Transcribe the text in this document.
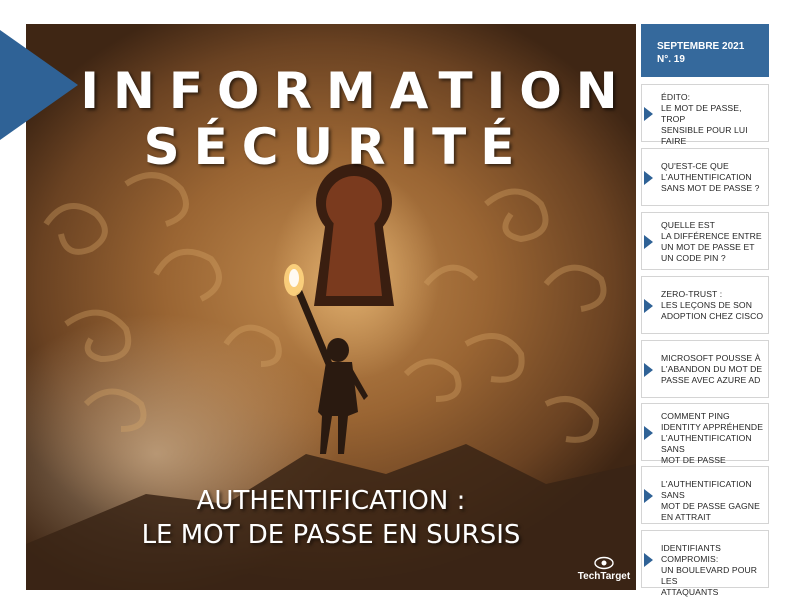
INFORMATION
SÉCURITÉ
AUTHENTIFICATION :
LE MOT DE PASSE EN SURSIS
TechTarget
SEPTEMBRE 2021
N°. 19
ÉDITO:
LE MOT DE PASSE, TROP
SENSIBLE POUR LUI FAIRE
QU'EST-CE QUE
L'AUTHENTIFICATION
SANS MOT DE PASSE ?
QUELLE EST
LA DIFFÉRENCE ENTRE
UN MOT DE PASSE ET
UN CODE PIN ?
ZERO-TRUST :
LES LEÇONS DE SON
ADOPTION CHEZ CISCO
MICROSOFT POUSSE À
L'ABANDON DU MOT DE
PASSE AVEC AZURE AD
COMMENT PING
IDENTITY APPRÉHENDE
L'AUTHENTIFICATION SANS
MOT DE PASSE
L'AUTHENTIFICATION SANS
MOT DE PASSE GAGNE
EN ATTRAIT
IDENTIFIANTS COMPROMIS:
UN BOULEVARD POUR LES
ATTAQUANTS
